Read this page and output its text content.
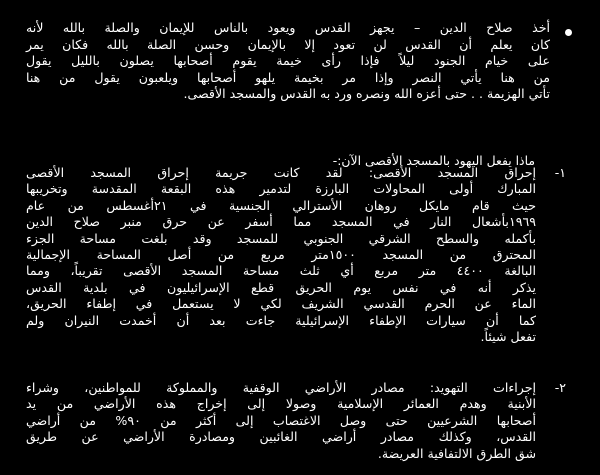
أخذ صلاح الدين – يجهز القدس ويعود بالناس للإيمان والصلة بالله لأنه
كان يعلم أن القدس لن تعود إلا بالإيمان وحسن الصلة بالله فكان يمر
على خيام الجنود ليلاً فإذا رأى خيمة يقوم أصحابها يصلون بالليل يقول
من هنا يأتي النصر وإذا مر بخيمة يلهو أصحابها ويلعبون يقول من هنا
تأتي الهزيمة . . حتى أعزه الله ونصره ورد به القدس والمسجد الأقصى.
ماذا يفعل اليهود بالمسجد الأقصى الآن:-
١-
إحراق المسجد الأقصى: لقد كانت جريمة إحراق المسجد الأقصى
المبارك أولى المحاولات البارزة لتدمير هذه البقعة المقدسة وتخريبها
حيث قام مايكل روهان الأسترالي الجنسية في ٢١أغسطس من عام
١٩٦٩بأشعال النار في المسجد مما أسفر عن حرق منبر صلاح الدين
بأكمله والسطح الشرقي الجنوبي للمسجد وقد بلغت مساحة الجزء
المحترق من المسجد ١٥٠٠متر مربع من أصل المساحة الإجمالية
البالغة ٤٤٠٠ متر مربع أي ثلث مساحة المسجد الأقصى تقريباً، ومما
يذكر أنه في نفس يوم الحريق قطع الإسرائيليون في بلدية القدس
الماء عن الحرم القدسي الشريف لكي لا يستعمل في إطفاء الحريق،
كما أن سيارات الإطفاء الإسرائيلية جاءت بعد أن أخمدت النيران ولم
تفعل شيئاً.
٢-
إجراءات التهويد: مصادر الأراضي الوقفية والمملوكة للمواطنين، وشراء
الأبنية وهدم العمائر الإسلامية وصولا إلى إخراج هذه الأراضي من يد
أصحابها الشرعيين حتى وصل الاغتصاب إلى أكثر من ٩٠% من أراضي
القدس، وكذلك مصادر أراضي الغائبين ومصادرة الأراضي عن طريق
شق الطرق الالتفافية العريضة.
